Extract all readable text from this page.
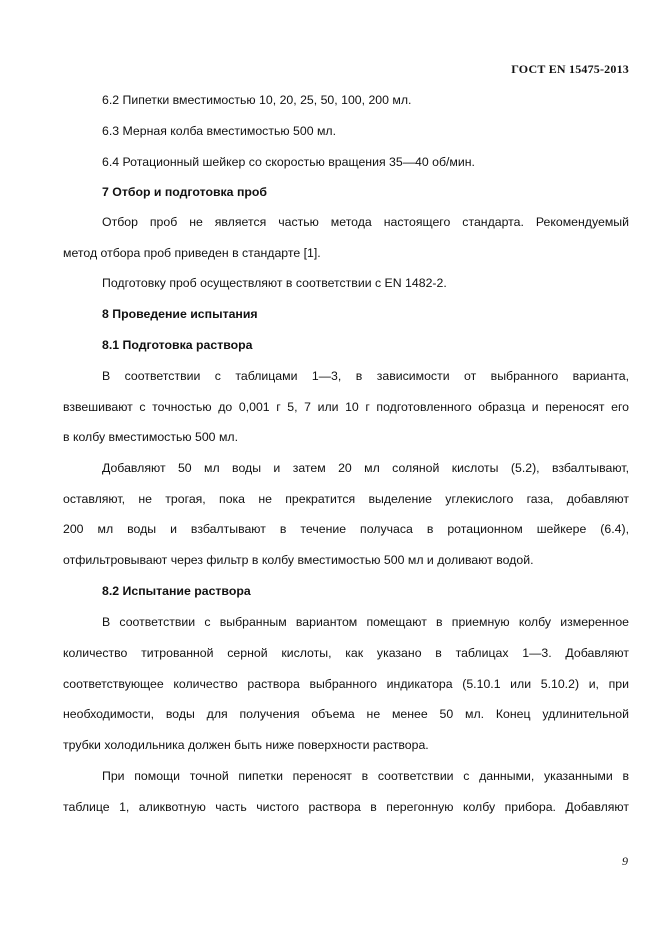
ГОСТ EN 15475-2013
6.2 Пипетки вместимостью 10, 20, 25, 50, 100, 200 мл.
6.3 Мерная колба вместимостью 500 мл.
6.4 Ротационный шейкер со скоростью вращения 35—40 об/мин.
7 Отбор и подготовка проб
Отбор проб не является частью метода настоящего стандарта. Рекомендуемый
метод отбора проб приведен в стандарте [1].
Подготовку проб осуществляют в соответствии с EN 1482-2.
8 Проведение испытания
8.1 Подготовка раствора
В соответствии с таблицами 1—3, в зависимости от выбранного варианта,
взвешивают с точностью до 0,001 г 5, 7 или 10 г подготовленного образца и переносят его
в колбу вместимостью 500 мл.
Добавляют 50 мл воды и затем 20 мл соляной кислоты (5.2), взбалтывают,
оставляют, не трогая, пока не прекратится выделение углекислого газа, добавляют
200 мл воды и взбалтывают в течение получаса в ротационном шейкере (6.4),
отфильтровывают через фильтр в колбу вместимостью 500 мл и доливают водой.
8.2 Испытание раствора
В соответствии с выбранным вариантом помещают в приемную колбу измеренное
количество титрованной серной кислоты, как указано в таблицах 1—3. Добавляют
соответствующее количество раствора выбранного индикатора (5.10.1 или 5.10.2) и, при
необходимости, воды для получения объема не менее 50 мл. Конец удлинительной
трубки холодильника должен быть ниже поверхности раствора.
При помощи точной пипетки переносят в соответствии с данными, указанными в
таблице 1, аликвотную часть чистого раствора в перегонную колбу прибора. Добавляют
9
